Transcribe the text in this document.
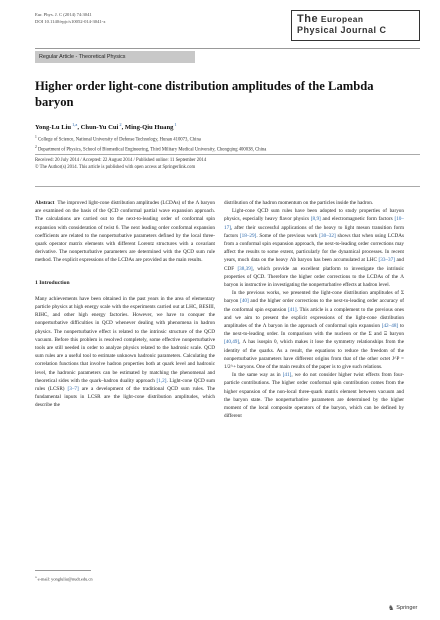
Eur. Phys. J. C (2014) 74:3041
DOI 10.1140/epjc/s10052-014-3041-x	The European
Physical Journal C
Regular Article - Theoretical Physics
Higher order light-cone distribution amplitudes of the Lambda baryon
Yong-Lu Liu$^{1,a}$, Chun-Yu Cui$^2$, Ming-Qiu Huang$^1$
$^1$ College of Science, National University of Defense Technology, Hunan 410073, China
$^2$ Department of Physics, School of Biomedical Engineering, Third Military Medical University, Chongqing 400038, China
Received: 20 July 2014 / Accepted: 22 August 2014 / Published online: 11 September 2014
© The Author(s) 2014. This article is published with open access at Springerlink.com

Abstract The improved light-cone distribution amplitudes (LCDAs) of the Λ baryon are examined on the basis of the QCD conformal partial wave expansion approach. The calculations are carried out to the next-to-leading order of conformal spin expansion with consideration of twist 6. The next leading order conformal expansion coefficients are related to the nonperturbative parameters defined by the local three-quark operator matrix elements with different Lorentz structures with a covariant derivative. The nonperturbative parameters are determined with the QCD sum rule method. The explicit expressions of the LCDAs are provided as the main results.

1 Introduction

Many achievements have been obtained in the past years in the area of elementary particle physics at high energy scale with the experiments carried out at LHC, BESIII, RIHC, and other high energy factories. However, we have to conquer the nonperturbative difficulties in QCD whenever dealing with phenomena in hadron physics. The nonperturbative effect is related to the intrinsic structure of the QCD vacuum. Before this problem is resolved completely, some effective nonperturbative tools are still needed in order to analyze physics related to the hadronic scale. QCD sum rules are a useful tool to estimate unknown hadronic parameters. Calculating the correlation functions that involve hadron properties both at quark level and hadronic level, the hadronic parameters can be estimated by matching the phenomenal and theoretical sides with the quark–hadron duality approach [1,2]. Light-cone QCD sum rules (LCSR) [3–7] are a development of the traditional QCD sum rules. The fundamental inputs in LCSR are the light-cone distribution amplitudes, which describe the

distribution of the hadron momentum on the particles inside the hadron.

Light-cone QCD sum rules have been adopted to study properties of baryon physics, especially heavy flavor physics [8,9] and electromagnetic form factors [10–17], after their successful applications of the heavy to light meson transition form factors [18–29]. Some of the previous work [30–32] shows that when using LCDAs from a conformal spin expansion approach, the next-to-leading order corrections may affect the results to some extent, particularly for the dynamical processes. In recent years, much data on the heavy Λb baryon has been accumulated at LHC [33–37] and CDF [38,39], which provide an excellent platform to investigate the intrinsic properties of QCD. Therefore the higher order corrections to the LCDAs of the Λ baryon is instructive in investigating the nonperturbative effects at hadron level.

In the previous works, we presented the light-cone distribution amplitudes of Σ baryon [40] and the higher order corrections to the next-to-leading order accuracy of the conformal spin expansion [41]. This article is a complement to the previous ones and we aim to present the explicit expressions of the light-cone distribution amplitudes of the Λ baryon in the approach of conformal spin expansion [42–48] to the next-to-leading order. In comparison with the nucleon or the Σ and Ξ baryon [40,49], Λ has isospin 0, which makes it lose the symmetry relationships from the identity of the quarks. As a result, the equations to reduce the freedom of the nonperturbative parameters have different origins from that of the other octet J^P = 1/2^+ baryons. One of the main results of the paper is to give such relations.

In the same way as in [41], we do not consider higher twist effects from four-particle contributions. The higher order conformal spin contribution comes from the higher expansion of the non-local three-quark matrix element between vacuum and the baryon state. The nonperturbative parameters are determined by the higher moment of the local composite operators of the baryon, which can be defined by different

$^a$ e-mail: yongluliu@nudt.edu.cn
♞ Springer
